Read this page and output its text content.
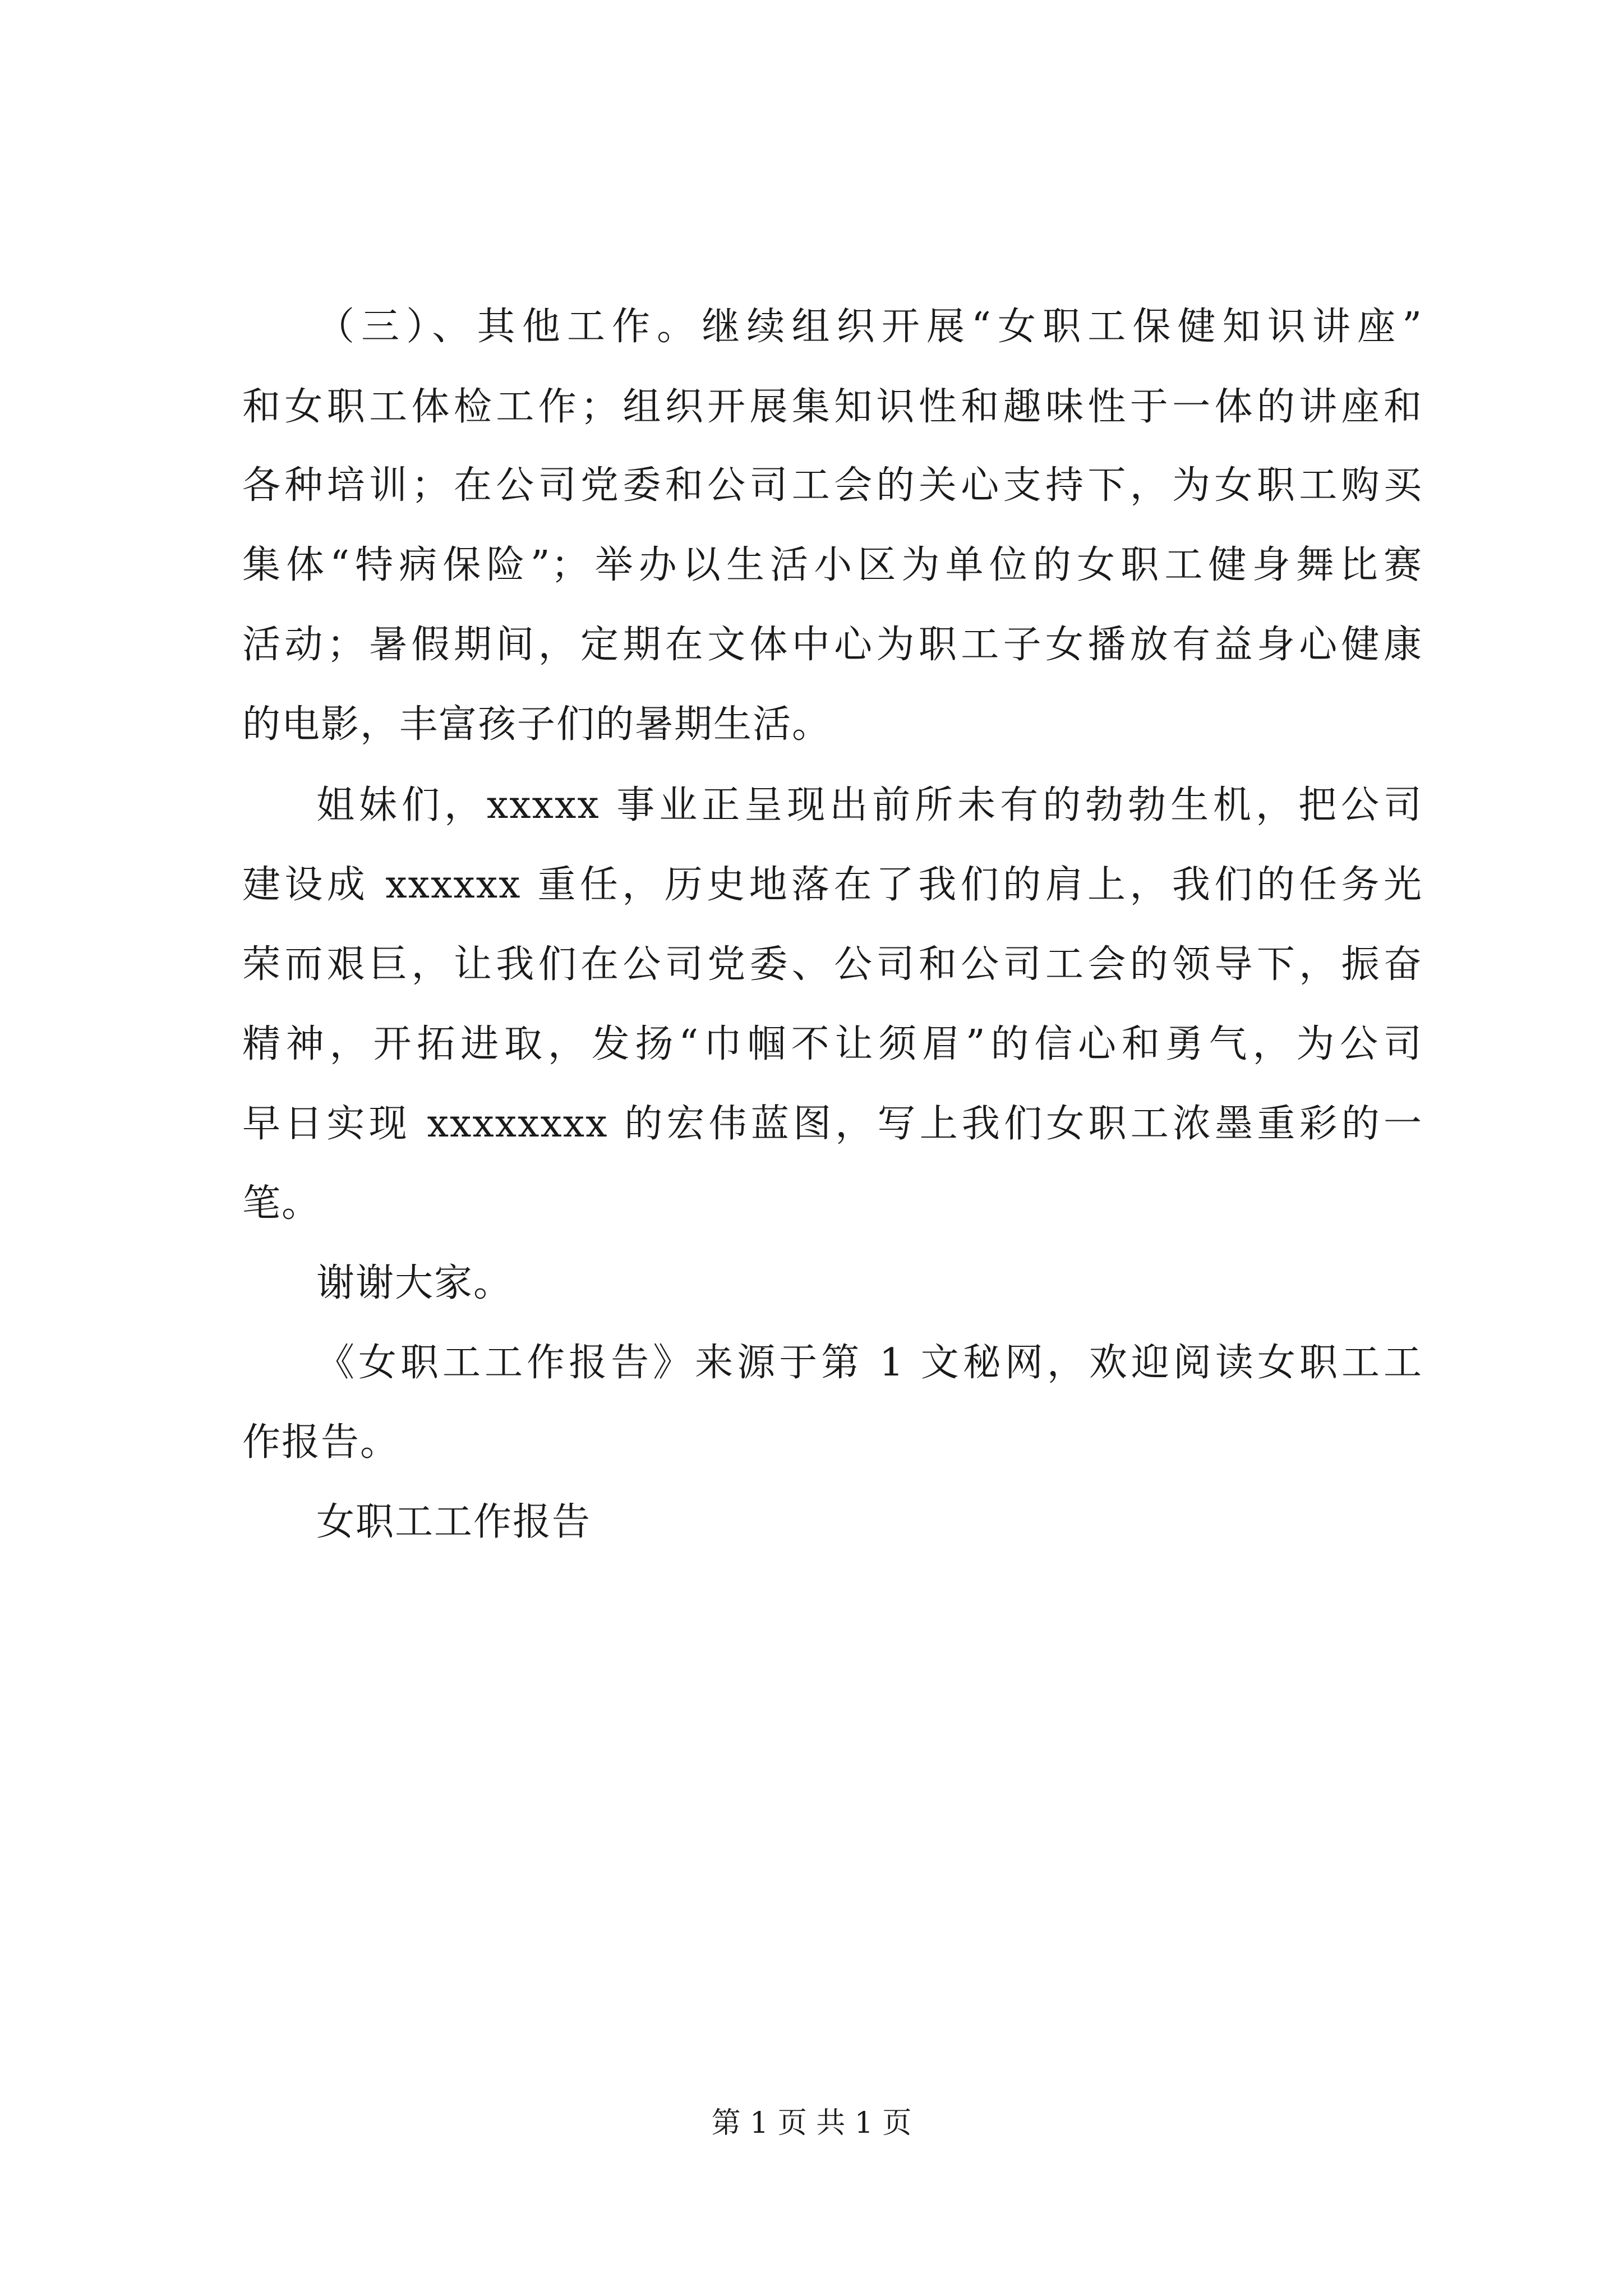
（三）、其他工作。继续组织开展“女职工保健知识讲座”
和女职工体检工作；组织开展集知识性和趣味性于一体的讲座和
各种培训；在公司党委和公司工会的关心支持下，为女职工购买
集体“特病保险”；举办以生活小区为单位的女职工健身舞比赛
活动；暑假期间，定期在文体中心为职工子女播放有益身心健康
的电影，丰富孩子们的暑期生活。
姐妹们，xxxxx 事业正呈现出前所未有的勃勃生机，把公司
建设成 xxxxxx 重任，历史地落在了我们的肩上，我们的任务光
荣而艰巨，让我们在公司党委、公司和公司工会的领导下，振奋
精神，开拓进取，发扬“巾帼不让须眉”的信心和勇气，为公司
早日实现 xxxxxxxx 的宏伟蓝图，写上我们女职工浓墨重彩的一
笔。
谢谢大家。
《女职工工作报告》来源于第 1 文秘网，欢迎阅读女职工工
作报告。
女职工工作报告
第 1 页 共 1 页
